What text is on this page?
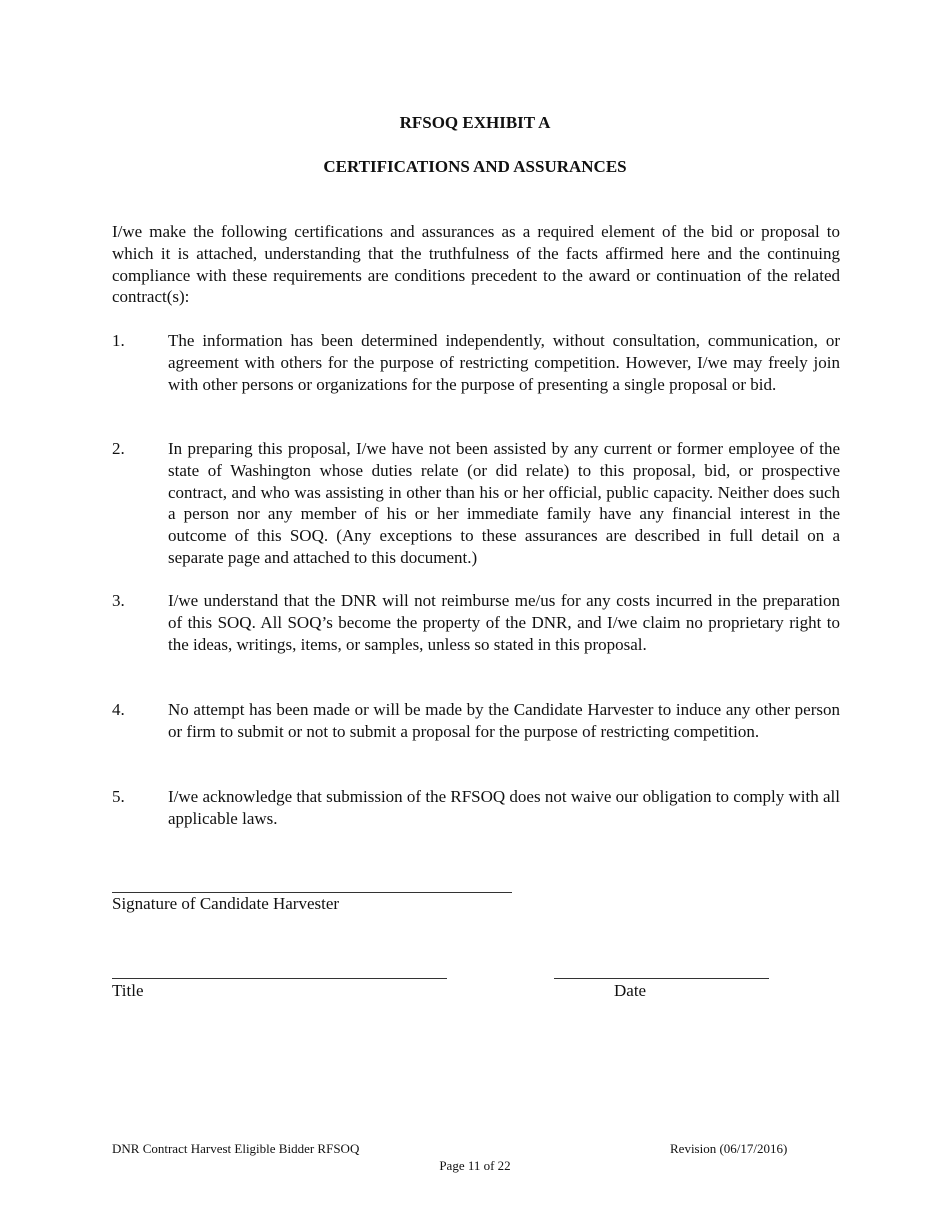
RFSOQ EXHIBIT A
CERTIFICATIONS AND ASSURANCES

I/we make the following certifications and assurances as a required element of the bid or proposal to which it is attached, understanding that the truthfulness of the facts affirmed here and the continuing compliance with these requirements are conditions precedent to the award or continuation of the related contract(s):

1.	The information has been determined independently, without consultation, communication, or agreement with others for the purpose of restricting competition. However, I/we may freely join with other persons or organizations for the purpose of presenting a single proposal or bid.
2.	In preparing this proposal, I/we have not been assisted by any current or former employee of the state of Washington whose duties relate (or did relate) to this proposal, bid, or prospective contract, and who was assisting in other than his or her official, public capacity. Neither does such a person nor any member of his or her immediate family have any financial interest in the outcome of this SOQ. (Any exceptions to these assurances are described in full detail on a separate page and attached to this document.)
3.	I/we understand that the DNR will not reimburse me/us for any costs incurred in the preparation of this SOQ. All SOQ’s become the property of the DNR, and I/we claim no proprietary right to the ideas, writings, items, or samples, unless so stated in this proposal.
4.	No attempt has been made or will be made by the Candidate Harvester to induce any other person or firm to submit or not to submit a proposal for the purpose of restricting competition.
5.	I/we acknowledge that submission of the RFSOQ does not waive our obligation to comply with all applicable laws.
Signature of Candidate Harvester
Title	Date
DNR Contract Harvest Eligible Bidder RFSOQ	Revision (06/17/2016)
Page 11 of 22
